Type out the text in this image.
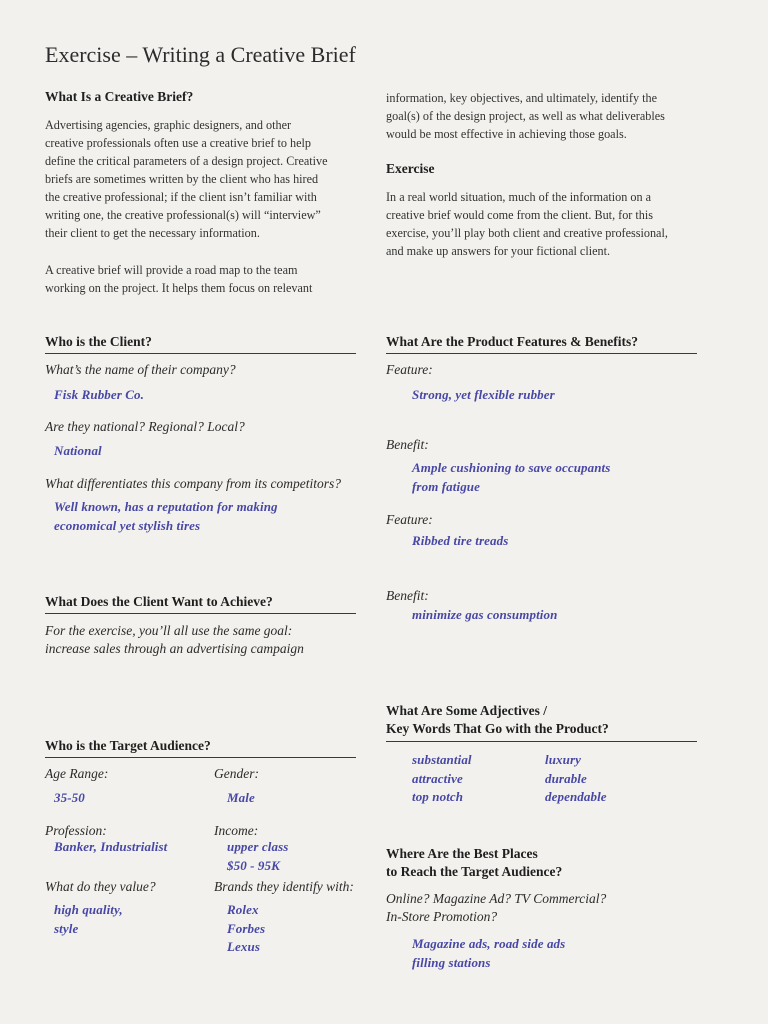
Exercise – Writing a Creative Brief
What Is a Creative Brief?
Advertising agencies, graphic designers, and other
creative professionals often use a creative brief to help
define the critical parameters of a design project. Creative
briefs are sometimes written by the client who has hired
the creative professional; if the client isn’t familiar with
writing one, the creative professional(s) will “interview”
their client to get the necessary information.
A creative brief will provide a road map to the team
working on the project. It helps them focus on relevant
information, key objectives, and ultimately, identify the
goal(s) of the design project, as well as what deliverables
would be most effective in achieving those goals.
Exercise
In a real world situation, much of the information on a
creative brief would come from the client. But, for this
exercise, you’ll play both client and creative professional,
and make up answers for your fictional client.
Who is the Client?
What’s the name of their company?
Fisk Rubber Co.
Are they national? Regional? Local?
National
What differentiates this company from its competitors?
Well known, has a reputation for making
economical yet stylish tires
What Does the Client Want to Achieve?
For the exercise, you’ll all use the same goal:
increase sales through an advertising campaign
Who is the Target Audience?
Age Range:
35-50
Gender:
Male
Profession:
Banker, Industrialist
Income:
upper class
$50 - 95K
What do they value?
high quality,
style
Brands they identify with:
Rolex
Forbes
Lexus
What Are the Product Features & Benefits?
Feature:
Strong, yet flexible rubber
Benefit:
Ample cushioning to save occupants
from fatigue
Feature:
Ribbed tire treads
Benefit:
minimize gas consumption
What Are Some Adjectives /
Key Words That Go with the Product?
substantial
attractive
top notch
luxury
durable
dependable
Where Are the Best Places
to Reach the Target Audience?
Online? Magazine Ad? TV Commercial?
In-Store Promotion?
Magazine ads, road side ads
filling stations
